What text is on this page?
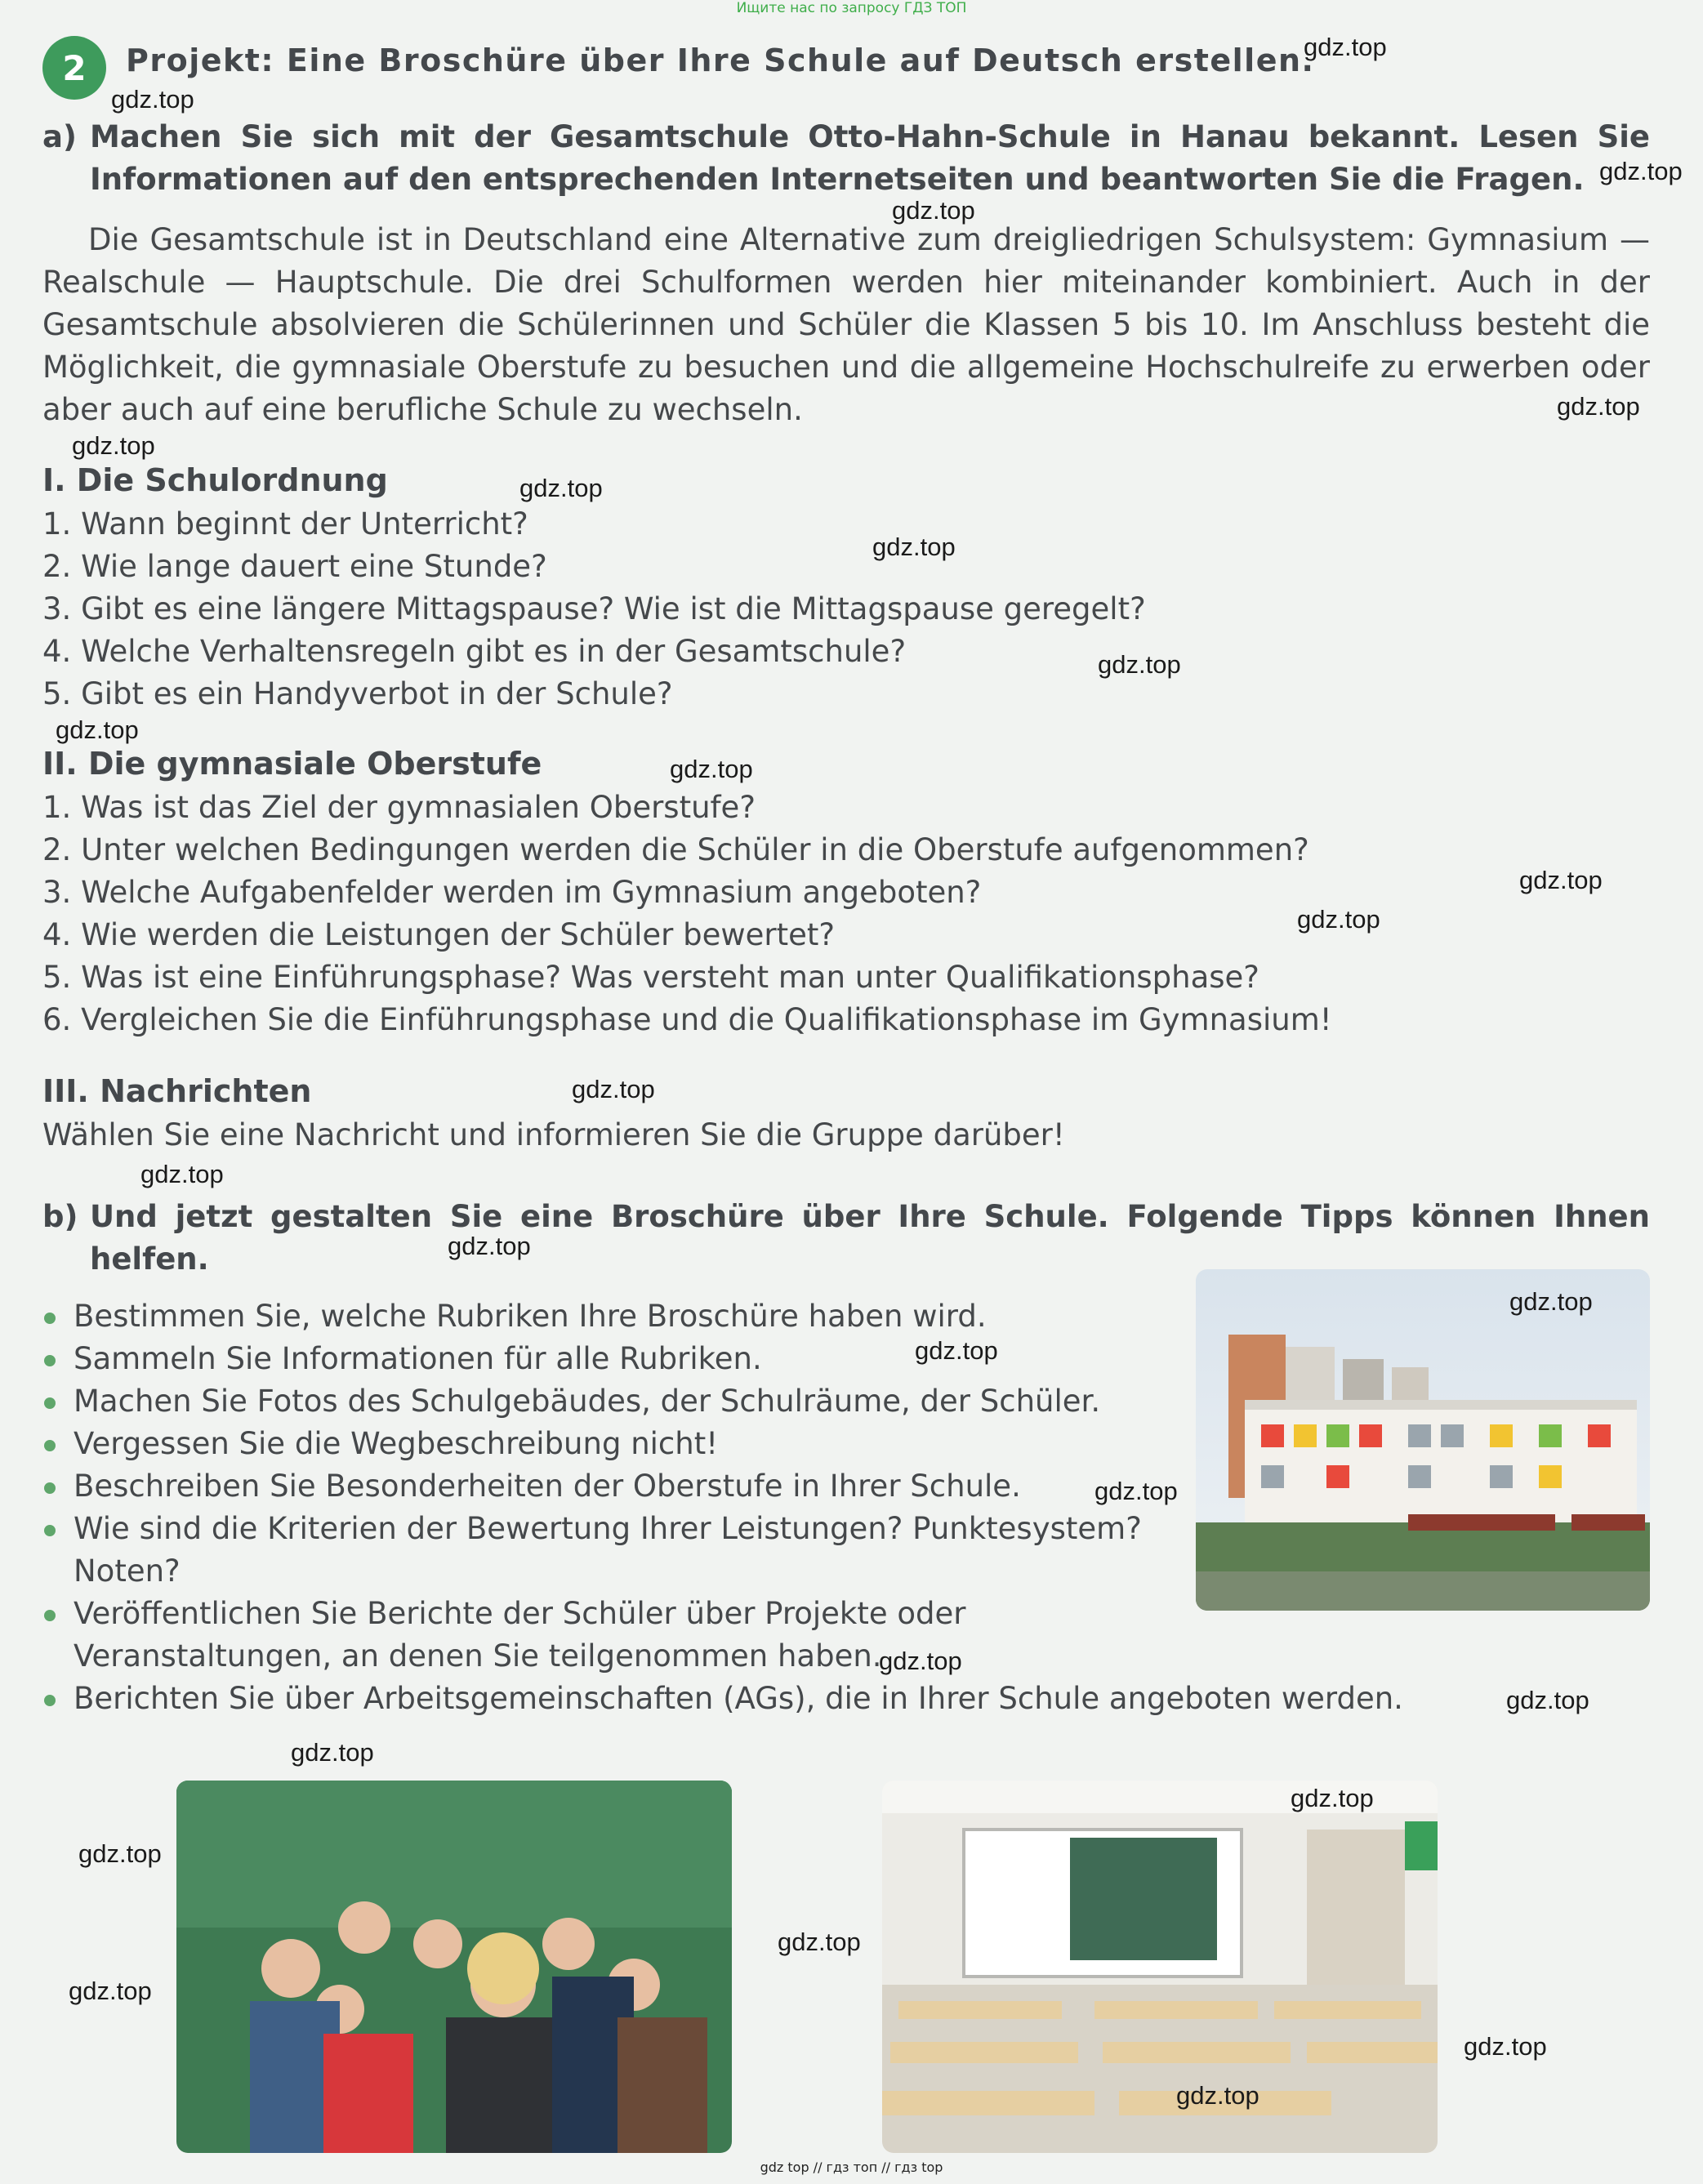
Ищите нас по запросу ГДЗ ТОП
2	Projekt: Eine Broschüre über Ihre Schule auf Deutsch erstellen.
a) Machen Sie sich mit der Gesamtschule Otto-Hahn-Schule in Hanau bekannt. Lesen Sie Informationen auf den entsprechenden Internetseiten und beantworten Sie die Fragen.

Die Gesamtschule ist in Deutschland eine Alternative zum dreigliedrigen Schulsystem: Gymnasium — Realschule — Hauptschule. Die drei Schulformen werden hier miteinander kombiniert. Auch in der Gesamtschule absolvieren die Schülerinnen und Schüler die Klassen 5 bis 10. Im Anschluss besteht die Möglichkeit, die gymnasiale Oberstufe zu besuchen und die allgemeine Hochschulreife zu erwerben oder aber auch auf eine berufliche Schule zu wechseln.

I. Die Schulordnung
1. Wann beginnt der Unterricht?
2. Wie lange dauert eine Stunde?
3. Gibt es eine längere Mittagspause? Wie ist die Mittagspause geregelt?
4. Welche Verhaltensregeln gibt es in der Gesamtschule?
5. Gibt es ein Handyverbot in der Schule?
II. Die gymnasiale Oberstufe
1. Was ist das Ziel der gymnasialen Oberstufe?
2. Unter welchen Bedingungen werden die Schüler in die Oberstufe aufgenommen?
3. Welche Aufgabenfelder werden im Gymnasium angeboten?
4. Wie werden die Leistungen der Schüler bewertet?
5. Was ist eine Einführungsphase? Was versteht man unter Qualifikationsphase?
6. Vergleichen Sie die Einführungsphase und die Qualifikationsphase im Gymnasium!
III. Nachrichten
Wählen Sie eine Nachricht und informieren Sie die Gruppe darüber!
b) Und jetzt gestalten Sie eine Broschüre über Ihre Schule. Folgende Tipps können Ihnen helfen.
Bestimmen Sie, welche Rubriken Ihre Broschüre haben wird.
Sammeln Sie Informationen für alle Rubriken.
Machen Sie Fotos des Schulgebäudes, der Schulräume, der Schüler.
Vergessen Sie die Wegbeschreibung nicht!
Beschreiben Sie Besonderheiten der Oberstufe in Ihrer Schule.
Wie sind die Kriterien der Bewertung Ihrer Leistungen? Punktesystem? Noten?
Veröffentlichen Sie Berichte der Schüler über Projekte oder Veranstaltungen, an denen Sie teilgenommen haben.
Berichten Sie über Arbeitsgemeinschaften (AGs), die in Ihrer Schule angeboten werden.
gdz.top
gdz.top
gdz.top
gdz.top
gdz.top
gdz.top
gdz.top
gdz.top
gdz.top
gdz.top
gdz.top
gdz.top
gdz.top
gdz.top
gdz.top
gdz.top
gdz.top
gdz.top
gdz.top
gdz.top
gdz.top
gdz.top
gdz.top
gdz.top
gdz.top
gdz.top
gdz.top
gdz.top
gdz top // гдз топ // гдз top
